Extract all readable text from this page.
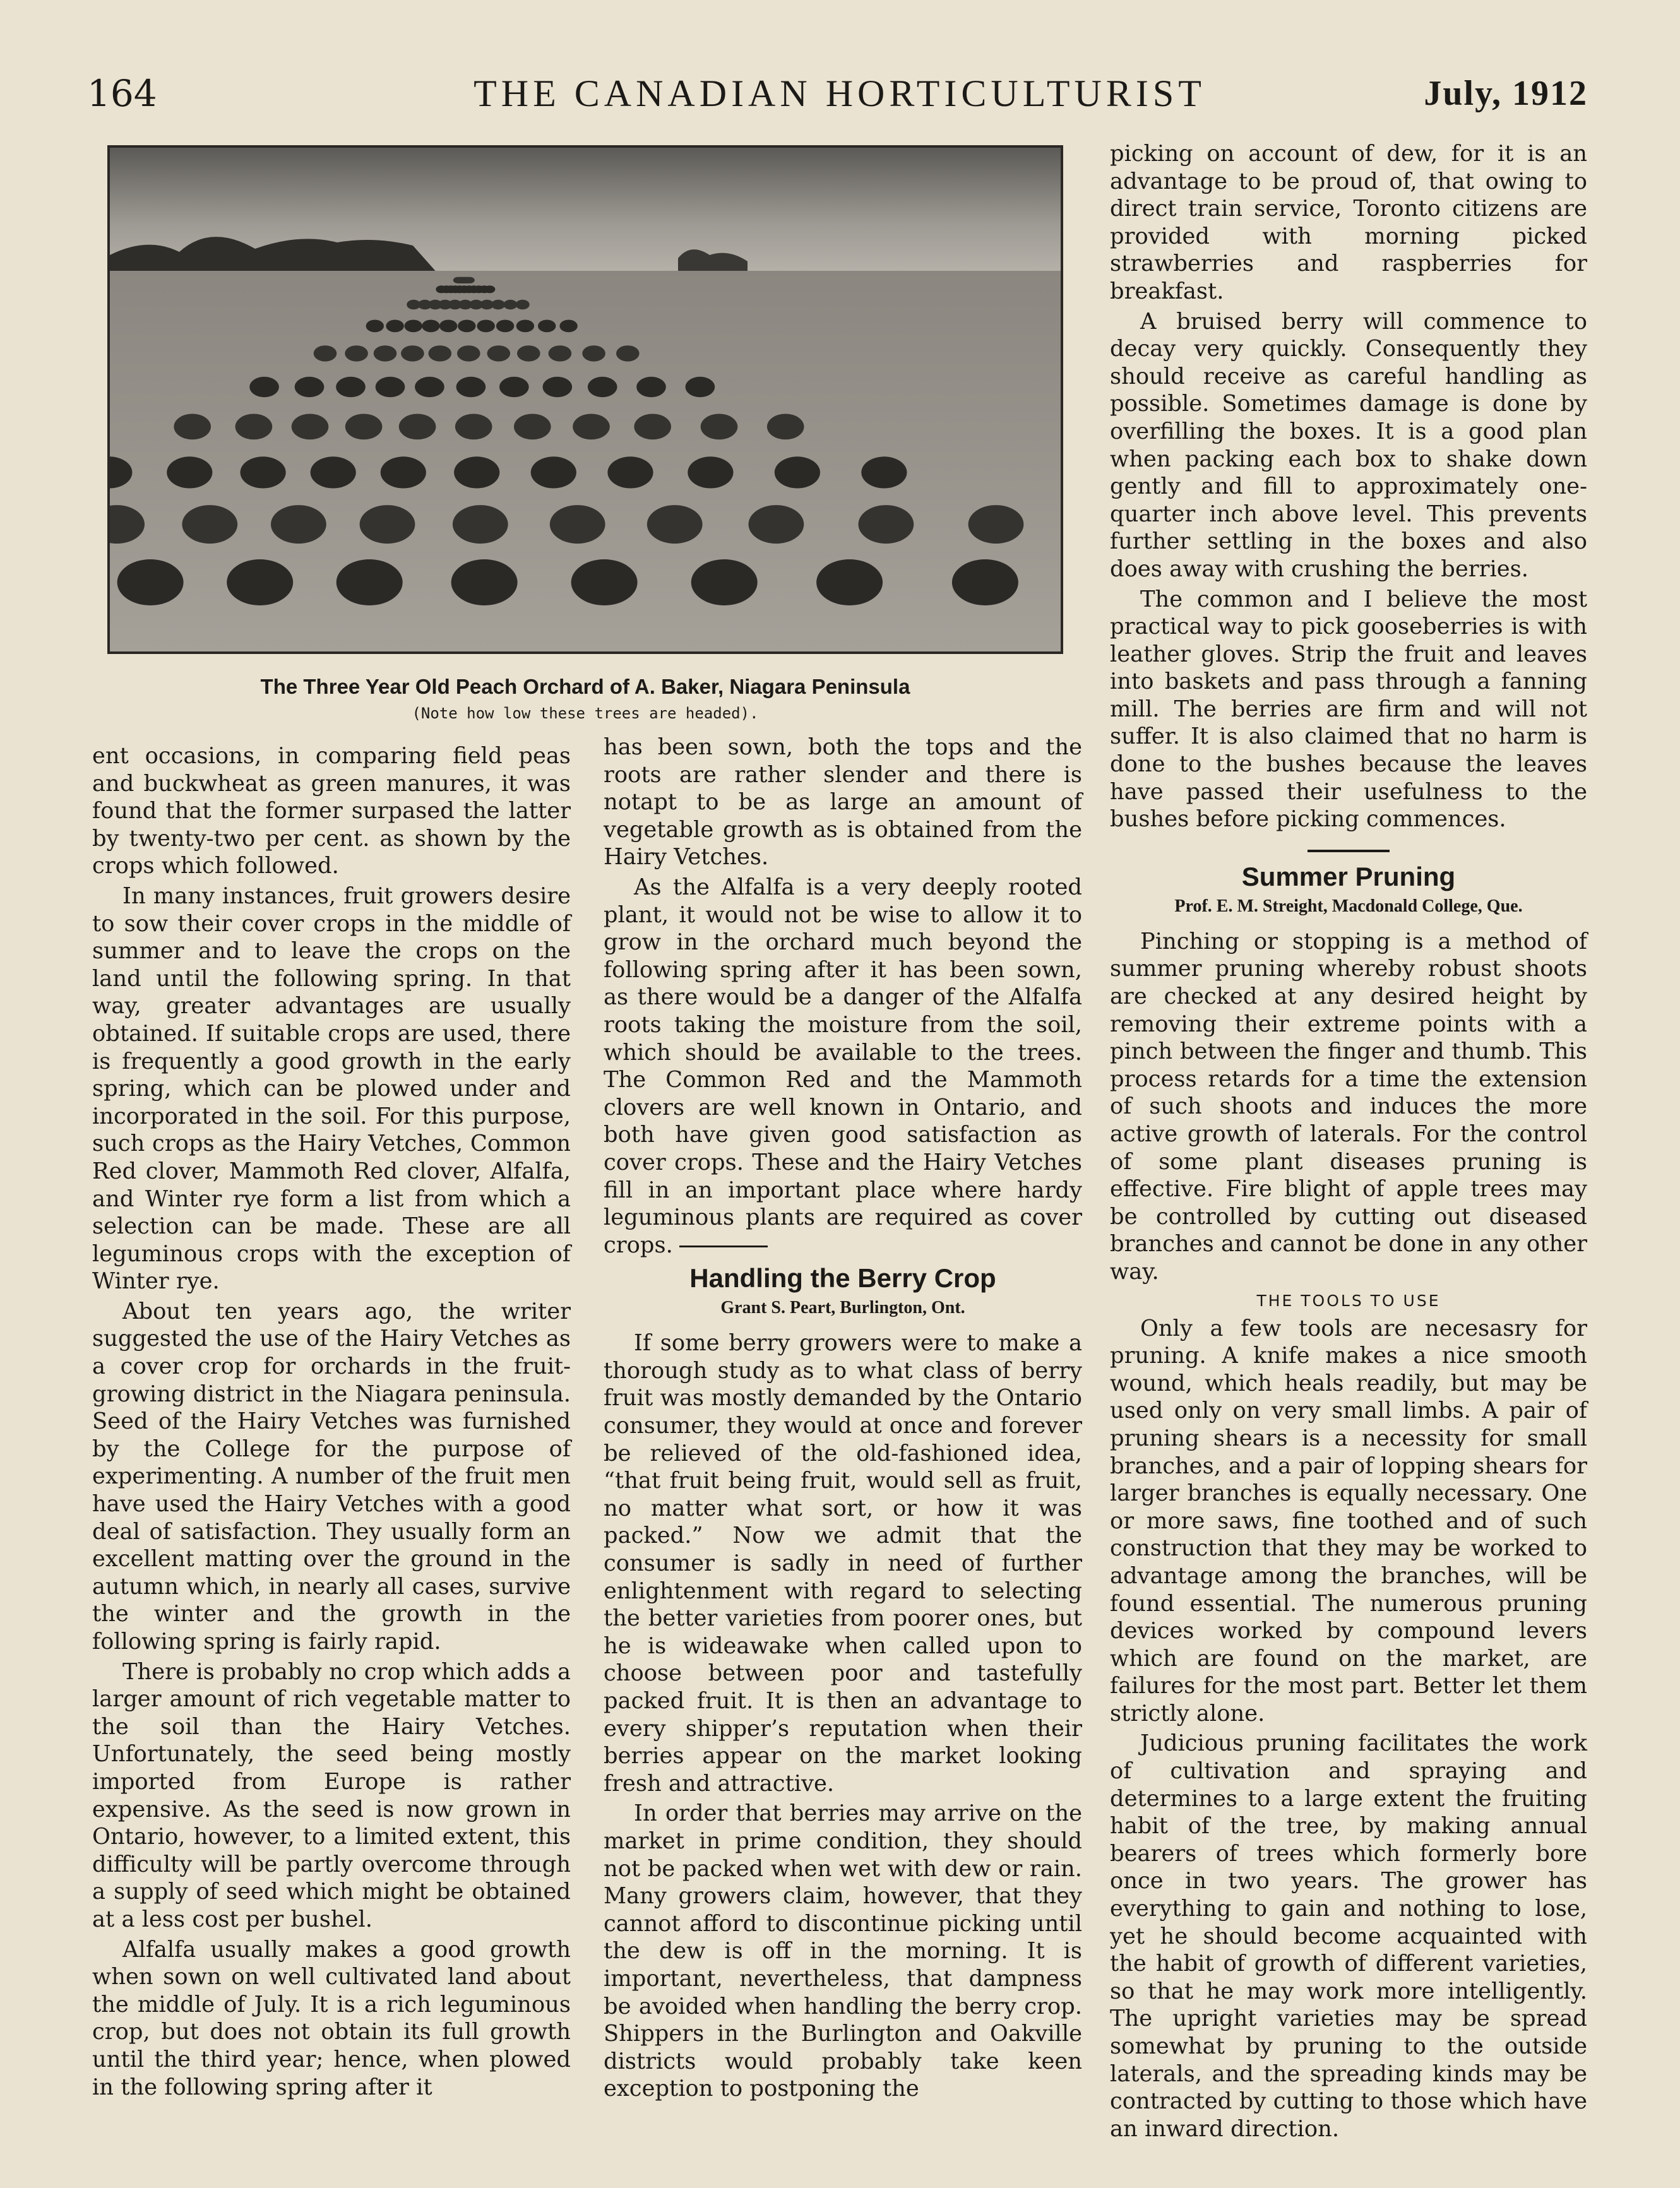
164	THE CANADIAN HORTICULTURIST	July, 1912
The Three Year Old Peach Orchard of A. Baker, Niagara Peninsula
(Note how low these trees are headed).

ent occasions, in comparing field peas and buckwheat as green manures, it was found that the former surpased the latter by twenty-two per cent. as shown by the crops which followed.

In many instances, fruit growers desire to sow their cover crops in the middle of summer and to leave the crops on the land until the following spring. In that way, greater advantages are usually obtained. If suitable crops are used, there is frequently a good growth in the early spring, which can be plowed under and incorporated in the soil. For this purpose, such crops as the Hairy Vetches, Common Red clover, Mammoth Red clover, Alfalfa, and Winter rye form a list from which a selection can be made. These are all leguminous crops with the exception of Winter rye.

About ten years ago, the writer suggested the use of the Hairy Vetches as a cover crop for orchards in the fruit-growing district in the Niagara peninsula. Seed of the Hairy Vetches was furnished by the College for the purpose of experimenting. A number of the fruit men have used the Hairy Vetches with a good deal of satisfaction. They usually form an excellent matting over the ground in the autumn which, in nearly all cases, survive the winter and the growth in the following spring is fairly rapid.

There is probably no crop which adds a larger amount of rich vegetable matter to the soil than the Hairy Vetches. Unfortunately, the seed being mostly imported from Europe is rather expensive. As the seed is now grown in Ontario, however, to a limited extent, this difficulty will be partly overcome through a supply of seed which might be obtained at a less cost per bushel.

Alfalfa usually makes a good growth when sown on well cultivated land about the middle of July. It is a rich leguminous crop, but does not obtain its full growth until the third year; hence, when plowed in the following spring after it

has been sown, both the tops and the roots are rather slender and there is notapt to be as large an amount of vegetable growth as is obtained from the Hairy Vetches.

As the Alfalfa is a very deeply rooted plant, it would not be wise to allow it to grow in the orchard much beyond the following spring after it has been sown, as there would be a danger of the Alfalfa roots taking the moisture from the soil, which should be available to the trees. The Common Red and the Mammoth clovers are well known in Ontario, and both have given good satisfaction as cover crops. These and the Hairy Vetches fill in an important place where hardy leguminous plants are required as cover crops.

Handling the Berry Crop
Grant S. Peart, Burlington, Ont.

If some berry growers were to make a thorough study as to what class of berry fruit was mostly demanded by the Ontario consumer, they would at once and forever be relieved of the old-fashioned idea, “that fruit being fruit, would sell as fruit, no matter what sort, or how it was packed.” Now we admit that the consumer is sadly in need of further enlightenment with regard to selecting the better varieties from poorer ones, but he is wideawake when called upon to choose between poor and tastefully packed fruit. It is then an advantage to every shipper’s reputation when their berries appear on the market looking fresh and attractive.

In order that berries may arrive on the market in prime condition, they should not be packed when wet with dew or rain. Many growers claim, however, that they cannot afford to discontinue picking until the dew is off in the morning. It is important, nevertheless, that dampness be avoided when handling the berry crop. Shippers in the Burlington and Oakville districts would probably take keen exception to postponing the

picking on account of dew, for it is an advantage to be proud of, that owing to direct train service, Toronto citizens are provided with morning picked strawberries and raspberries for breakfast.

A bruised berry will commence to decay very quickly. Consequently they should receive as careful handling as possible. Sometimes damage is done by overfilling the boxes. It is a good plan when packing each box to shake down gently and fill to approximately one-quarter inch above level. This prevents further settling in the boxes and also does away with crushing the berries.

The common and I believe the most practical way to pick gooseberries is with leather gloves. Strip the fruit and leaves into baskets and pass through a fanning mill. The berries are firm and will not suffer. It is also claimed that no harm is done to the bushes because the leaves have passed their usefulness to the bushes before picking commences.

Summer Pruning
Prof. E. M. Streight, Macdonald College, Que.

Pinching or stopping is a method of summer pruning whereby robust shoots are checked at any desired height by removing their extreme points with a pinch between the finger and thumb. This process retards for a time the extension of such shoots and induces the more active growth of laterals. For the control of some plant diseases pruning is effective. Fire blight of apple trees may be controlled by cutting out diseased branches and cannot be done in any other way.

THE TOOLS TO USE

Only a few tools are necesasry for pruning. A knife makes a nice smooth wound, which heals readily, but may be used only on very small limbs. A pair of pruning shears is a necessity for small branches, and a pair of lopping shears for larger branches is equally necessary. One or more saws, fine toothed and of such construction that they may be worked to advantage among the branches, will be found essential. The numerous pruning devices worked by compound levers which are found on the market, are failures for the most part. Better let them strictly alone.

Judicious pruning facilitates the work of cultivation and spraying and determines to a large extent the fruiting habit of the tree, by making annual bearers of trees which formerly bore once in two years. The grower has everything to gain and nothing to lose, yet he should become acquainted with the habit of growth of different varieties, so that he may work more intelligently. The upright varieties may be spread somewhat by pruning to the outside laterals, and the spreading kinds may be contracted by cutting to those which have an inward direction.
